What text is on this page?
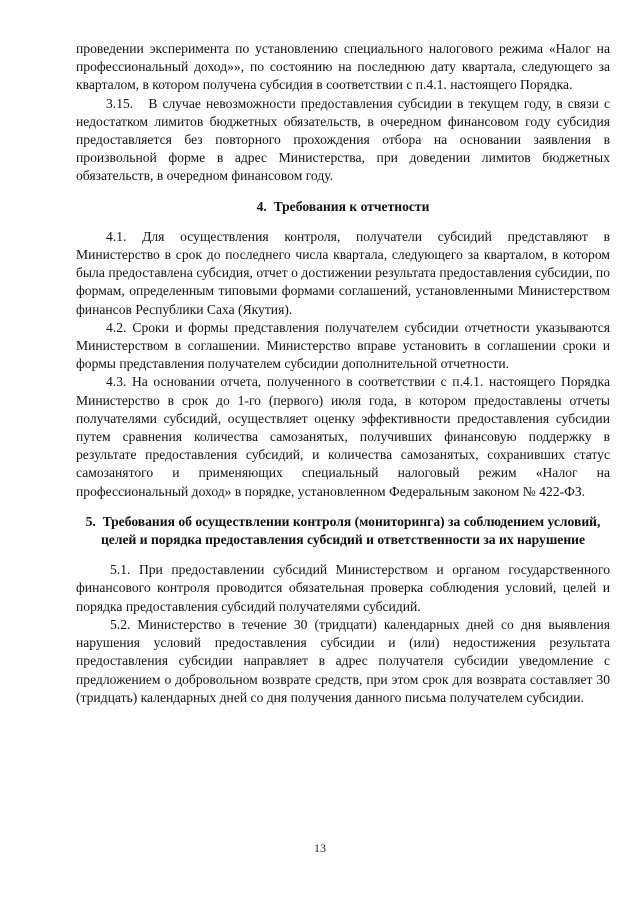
проведении эксперимента по установлению специального налогового режима «Налог на профессиональный доход»», по состоянию на последнюю дату квартала, следующего за кварталом, в котором получена субсидия в соответствии с п.4.1. настоящего Порядка.

3.15.   В случае невозможности предоставления субсидии в текущем году, в связи с недостатком лимитов бюджетных обязательств, в очередном финансовом году субсидия предоставляется без повторного прохождения отбора на основании заявления в произвольной форме в адрес Министерства, при доведении лимитов бюджетных обязательств, в очередном финансовом году.

4.  Требования к отчетности

4.1. Для осуществления контроля, получатели субсидий представляют в Министерство в срок до последнего числа квартала, следующего за кварталом, в котором была предоставлена субсидия, отчет о достижении результата предоставления субсидии, по формам, определенным типовыми формами соглашений, установленными Министерством финансов Республики Саха (Якутия).

4.2. Сроки и формы представления получателем субсидии отчетности указываются Министерством в соглашении. Министерство вправе установить в соглашении сроки и формы представления получателем субсидии дополнительной отчетности.

4.3. На основании отчета, полученного в соответствии с п.4.1. настоящего Порядка Министерство в срок до 1-го (первого) июля года, в котором предоставлены отчеты получателями субсидий, осуществляет оценку эффективности предоставления субсидии путем сравнения количества самозанятых, получивших финансовую поддержку в результате предоставления субсидий, и количества самозанятых, сохранивших статус самозанятого и применяющих специальный налоговый режим «Налог на профессиональный доход» в порядке, установленном Федеральным законом № 422-ФЗ.

5.  Требования об осуществлении контроля (мониторинга) за соблюдением условий, целей и порядка предоставления субсидий и ответственности за их нарушение

5.1. При предоставлении субсидий Министерством и органом государственного финансового контроля проводится обязательная проверка соблюдения условий, целей и порядка предоставления субсидий получателями субсидий.

5.2. Министерство в течение 30 (тридцати) календарных дней со дня выявления нарушения условий предоставления субсидии и (или) недостижения результата предоставления субсидии направляет в адрес получателя субсидии уведомление с предложением о добровольном возврате средств, при этом срок для возврата составляет 30 (тридцать) календарных дней со дня получения данного письма получателем субсидии.

13
